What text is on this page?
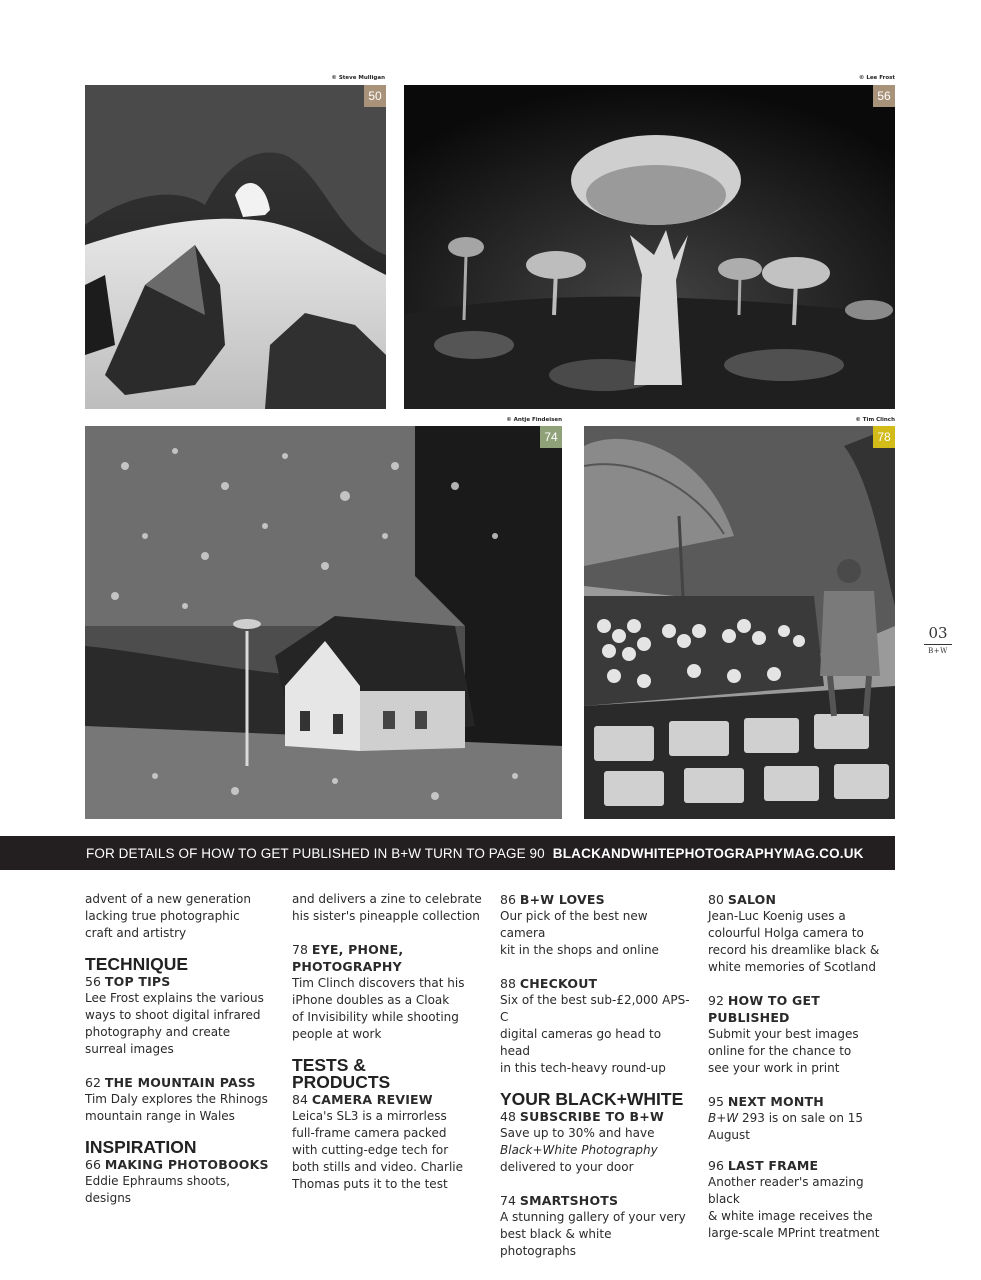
© Steve Mulligan
50
© Lee Frost
56
© Antje Findeisen
74
© Tim Clinch
78
03
B+W
FOR DETAILS OF HOW TO GET PUBLISHED IN B+W TURN TO PAGE 90 BLACKANDWHITEPHOTOGRAPHYMAG.CO.UK

advent of a new generation

lacking true photographic

craft and artistry

TECHNIQUE

56 TOP TIPS

Lee Frost explains the various

ways to shoot digital infrared

photography and create

surreal images

62 THE MOUNTAIN PASS

Tim Daly explores the Rhinogs

mountain range in Wales

INSPIRATION

66 MAKING PHOTOBOOKS

Eddie Ephraums shoots, designs

and delivers a zine to celebrate

his sister's pineapple collection

78 EYE, PHONE,

PHOTOGRAPHY

Tim Clinch discovers that his

iPhone doubles as a Cloak

of Invisibility while shooting

people at work

TESTS &
PRODUCTS

84 CAMERA REVIEW

Leica's SL3 is a mirrorless

full-frame camera packed

with cutting-edge tech for

both stills and video. Charlie

Thomas puts it to the test

86 B+W LOVES

Our pick of the best new camera

kit in the shops and online

88 CHECKOUT

Six of the best sub-£2,000 APS-C

digital cameras go head to head

in this tech-heavy round-up

YOUR BLACK+WHITE

48 SUBSCRIBE TO B+W

Save up to 30% and have

Black+White Photography

delivered to your door

74 SMARTSHOTS

A stunning gallery of your very

best black & white photographs

80 SALON

Jean-Luc Koenig uses a

colourful Holga camera to

record his dreamlike black &

white memories of Scotland

92 HOW TO GET PUBLISHED

Submit your best images

online for the chance to

see your work in print

95 NEXT MONTH

B+W 293 is on sale on 15 August

96 LAST FRAME

Another reader's amazing black

& white image receives the

large-scale MPrint treatment
